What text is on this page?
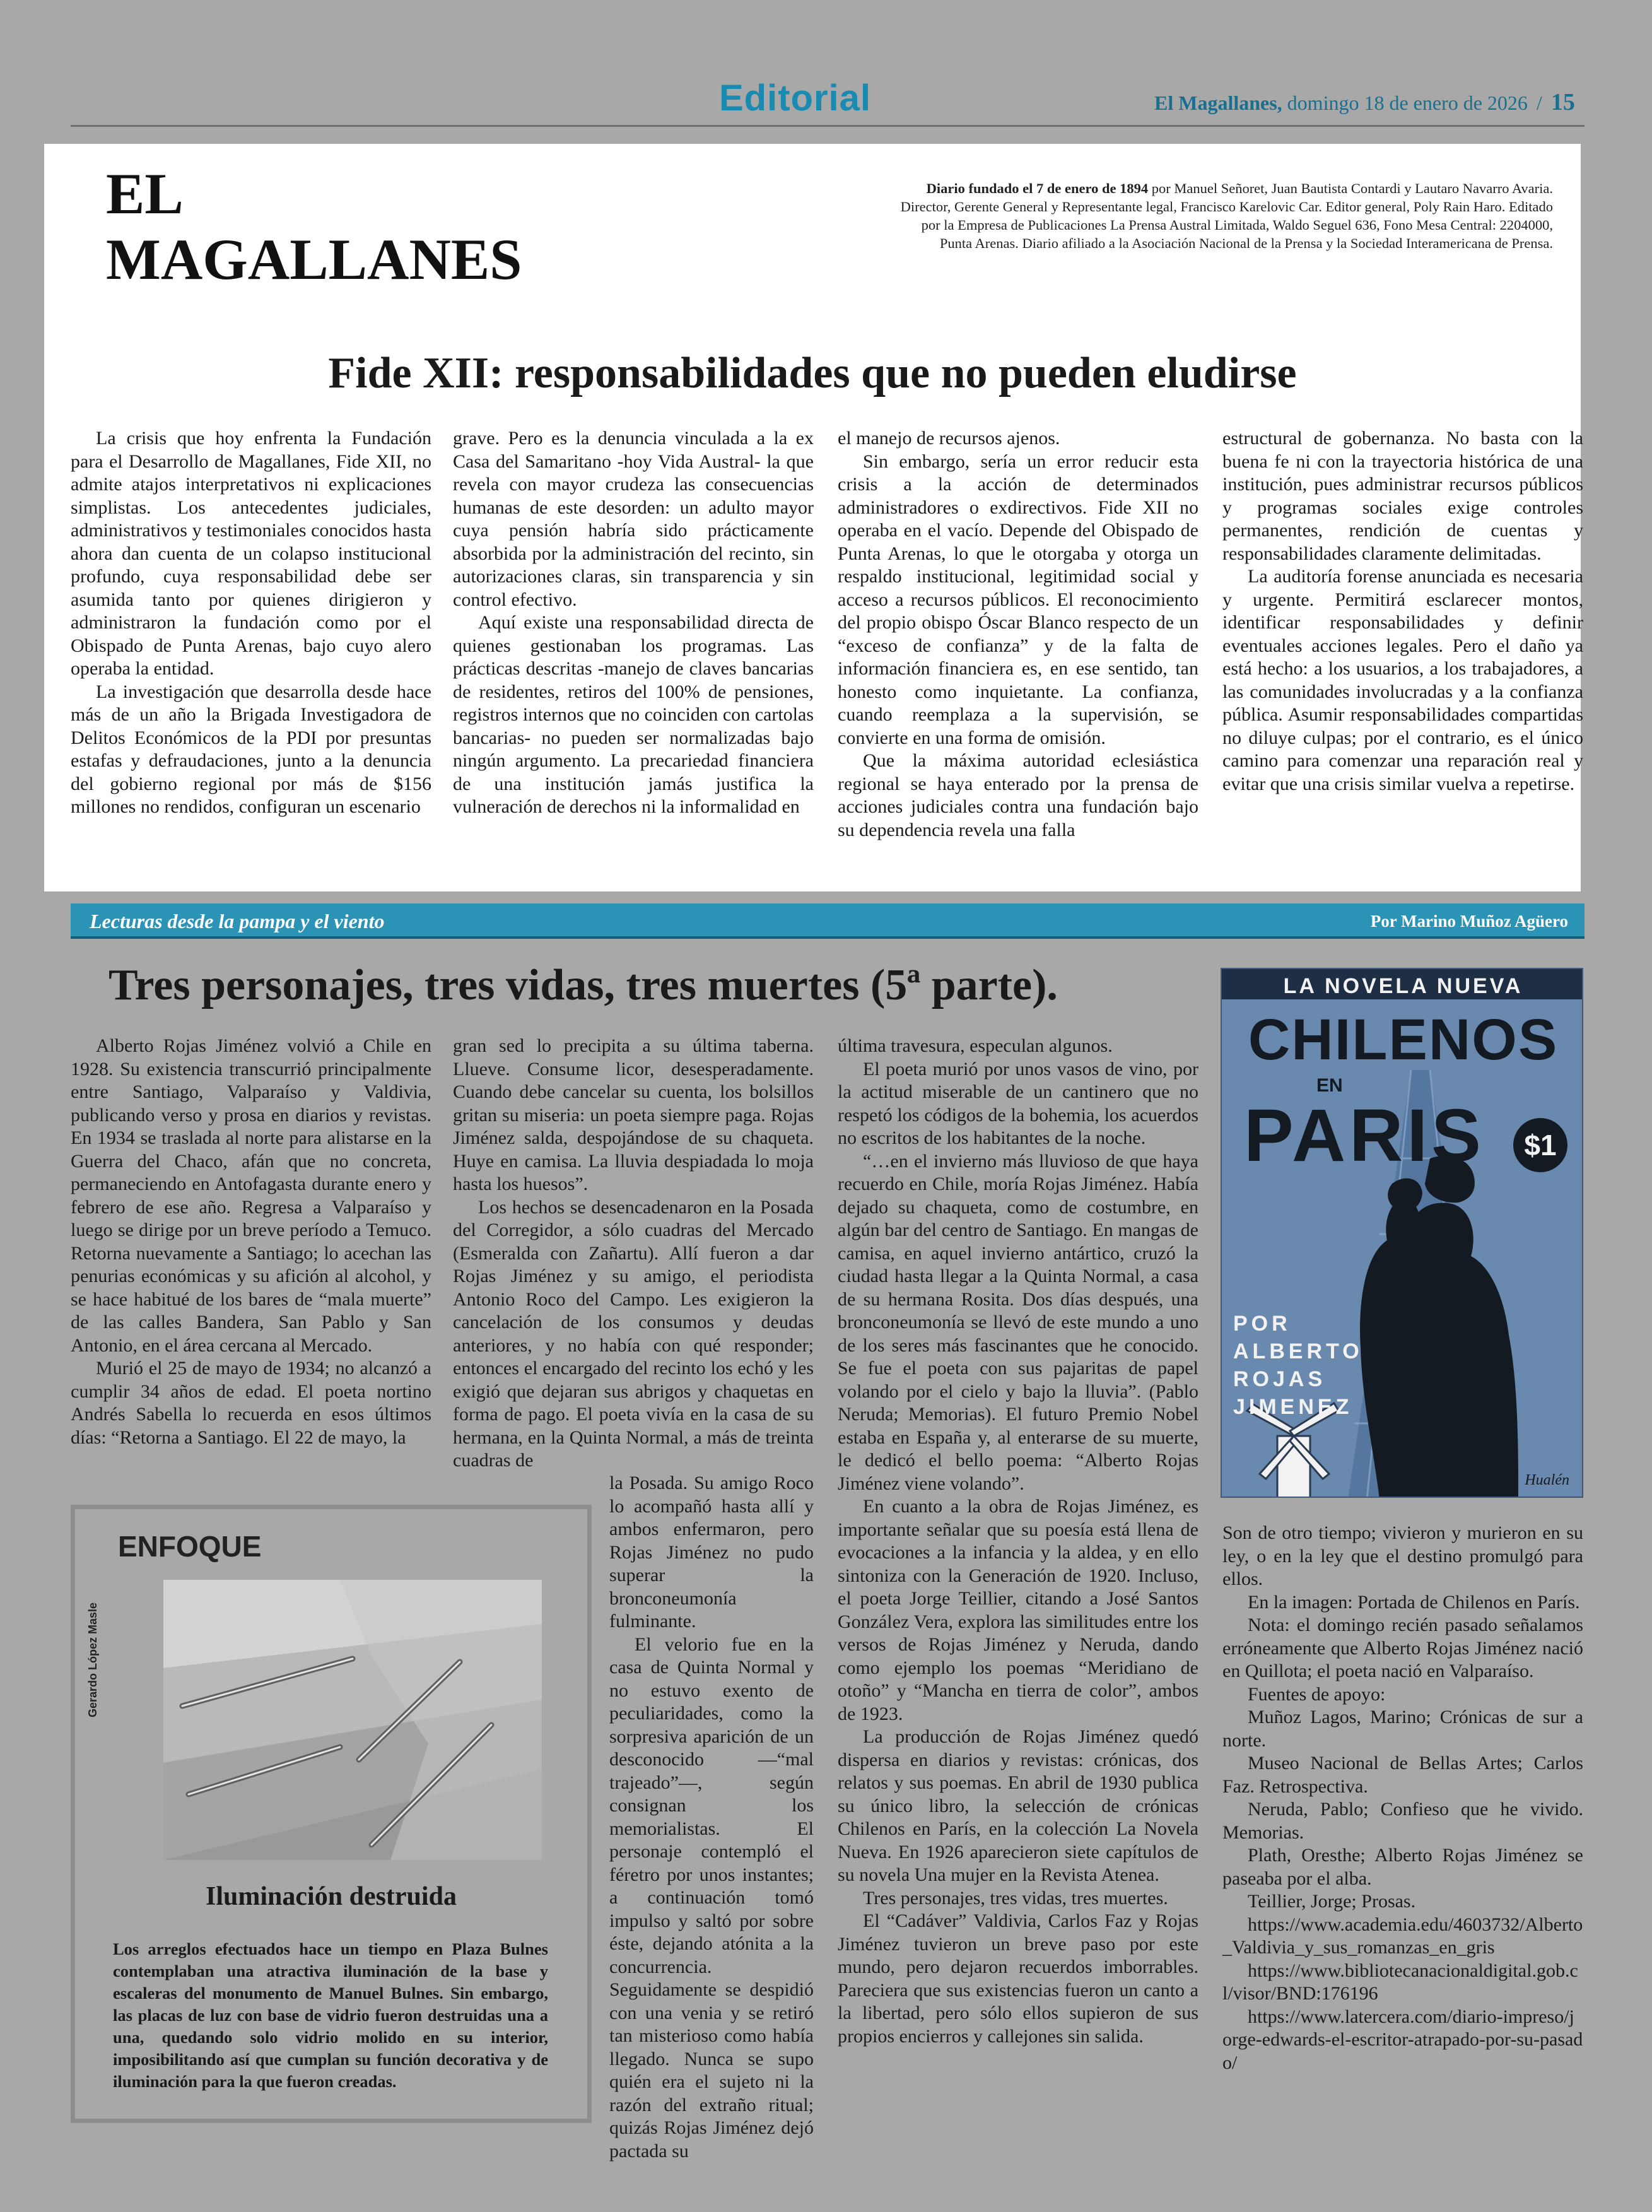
Editorial	El Magallanes, domingo 18 de enero de 2026 / 15
EL
MAGALLANES
Diario fundado el 7 de enero de 1894 por Manuel Señoret, Juan Bautista Contardi y Lautaro Navarro Avaria. Director, Gerente General y Representante legal, Francisco Karelovic Car. Editor general, Poly Rain Haro. Editado por la Empresa de Publicaciones La Prensa Austral Limitada, Waldo Seguel 636, Fono Mesa Central: 2204000, Punta Arenas. Diario afiliado a la Asociación Nacional de la Prensa y la Sociedad Interamericana de Prensa.
Fide XII: responsabilidades que no pueden eludirse

La crisis que hoy enfrenta la Fundación para el Desarrollo de Magallanes, Fide XII, no admite atajos interpretativos ni explicaciones simplistas. Los antecedentes judiciales, administrativos y testimoniales conocidos hasta ahora dan cuenta de un colapso institucional profundo, cuya responsabilidad debe ser asumida tanto por quienes dirigieron y administraron la fundación como por el Obispado de Punta Arenas, bajo cuyo alero operaba la entidad.

La investigación que desarrolla desde hace más de un año la Brigada Investigadora de Delitos Económicos de la PDI por presuntas estafas y defraudaciones, junto a la denuncia del gobierno regional por más de $156 millones no rendidos, configuran un escenario

grave. Pero es la denuncia vinculada a la ex Casa del Samaritano -hoy Vida Austral- la que revela con mayor crudeza las consecuencias humanas de este desorden: un adulto mayor cuya pensión habría sido prácticamente absorbida por la administración del recinto, sin autorizaciones claras, sin transparencia y sin control efectivo.

Aquí existe una responsabilidad directa de quienes gestionaban los programas. Las prácticas descritas -manejo de claves bancarias de residentes, retiros del 100% de pensiones, registros internos que no coinciden con cartolas bancarias- no pueden ser normalizadas bajo ningún argumento. La precariedad financiera de una institución jamás justifica la vulneración de derechos ni la informalidad en

el manejo de recursos ajenos.

Sin embargo, sería un error reducir esta crisis a la acción de determinados administradores o exdirectivos. Fide XII no operaba en el vacío. Depende del Obispado de Punta Arenas, lo que le otorgaba y otorga un respaldo institucional, legitimidad social y acceso a recursos públicos. El reconocimiento del propio obispo Óscar Blanco respecto de un “exceso de confianza” y de la falta de información financiera es, en ese sentido, tan honesto como inquietante. La confianza, cuando reemplaza a la supervisión, se convierte en una forma de omisión.

Que la máxima autoridad eclesiástica regional se haya enterado por la prensa de acciones judiciales contra una fundación bajo su dependencia revela una falla

estructural de gobernanza. No basta con la buena fe ni con la trayectoria histórica de una institución, pues administrar recursos públicos y programas sociales exige controles permanentes, rendición de cuentas y responsabilidades claramente delimitadas.

La auditoría forense anunciada es necesaria y urgente. Permitirá esclarecer montos, identificar responsabilidades y definir eventuales acciones legales. Pero el daño ya está hecho: a los usuarios, a los trabajadores, a las comunidades involucradas y a la confianza pública. Asumir responsabilidades compartidas no diluye culpas; por el contrario, es el único camino para comenzar una reparación real y evitar que una crisis similar vuelva a repetirse.

Lecturas desde la pampa y el viento	Por Marino Muñoz Agüero
Tres personajes, tres vidas, tres muertes (5ª parte).

Alberto Rojas Jiménez volvió a Chile en 1928. Su existencia transcurrió principalmente entre Santiago, Valparaíso y Valdivia, publicando verso y prosa en diarios y revistas. En 1934 se traslada al norte para alistarse en la Guerra del Chaco, afán que no concreta, permaneciendo en Antofagasta durante enero y febrero de ese año. Regresa a Valparaíso y luego se dirige por un breve período a Temuco. Retorna nuevamente a Santiago; lo acechan las penurias económicas y su afición al alcohol, y se hace habitué de los bares de “mala muerte” de las calles Bandera, San Pablo y San Antonio, en el área cercana al Mercado.

Murió el 25 de mayo de 1934; no alcanzó a cumplir 34 años de edad. El poeta nortino Andrés Sabella lo recuerda en esos últimos días: “Retorna a Santiago. El 22 de mayo, la

gran sed lo precipita a su última taberna. Llueve. Consume licor, desesperadamente. Cuando debe cancelar su cuenta, los bolsillos gritan su miseria: un poeta siempre paga. Rojas Jiménez salda, despojándose de su chaqueta. Huye en camisa. La lluvia despiadada lo moja hasta los huesos”.

Los hechos se desencadenaron en la Posada del Corregidor, a sólo cuadras del Mercado (Esmeralda con Zañartu). Allí fueron a dar Rojas Jiménez y su amigo, el periodista Antonio Roco del Campo. Les exigieron la cancelación de los consumos y deudas anteriores, y no había con qué responder; entonces el encargado del recinto los echó y les exigió que dejaran sus abrigos y chaquetas en forma de pago. El poeta vivía en la casa de su hermana, en la Quinta Normal, a más de treinta cuadras de

la Posada. Su amigo Roco lo acompañó hasta allí y ambos enfermaron, pero Rojas Jiménez no pudo superar la bronconeumonía fulminante.

El velorio fue en la casa de Quinta Normal y no estuvo exento de peculiaridades, como la sorpresiva aparición de un desconocido —“mal trajeado”—, según consignan los memorialistas. El personaje contempló el féretro por unos instantes; a continuación tomó impulso y saltó por sobre éste, dejando atónita a la concurrencia. Seguidamente se despidió con una venia y se retiró tan misterioso como había llegado. Nunca se supo quién era el sujeto ni la razón del extraño ritual; quizás Rojas Jiménez dejó pactada su

última travesura, especulan algunos.

El poeta murió por unos vasos de vino, por la actitud miserable de un cantinero que no respetó los códigos de la bohemia, los acuerdos no escritos de los habitantes de la noche.

“…en el invierno más lluvioso de que haya recuerdo en Chile, moría Rojas Jiménez. Había dejado su chaqueta, como de costumbre, en algún bar del centro de Santiago. En mangas de camisa, en aquel invierno antártico, cruzó la ciudad hasta llegar a la Quinta Normal, a casa de su hermana Rosita. Dos días después, una bronconeumonía se llevó de este mundo a uno de los seres más fascinantes que he conocido. Se fue el poeta con sus pajaritas de papel volando por el cielo y bajo la lluvia”. (Pablo Neruda; Memorias). El futuro Premio Nobel estaba en España y, al enterarse de su muerte, le dedicó el bello poema: “Alberto Rojas Jiménez viene volando”.

En cuanto a la obra de Rojas Jiménez, es importante señalar que su poesía está llena de evocaciones a la infancia y la aldea, y en ello sintoniza con la Generación de 1920. Incluso, el poeta Jorge Teillier, citando a José Santos González Vera, explora las similitudes entre los versos de Rojas Jiménez y Neruda, dando como ejemplo los poemas “Meridiano de otoño” y “Mancha en tierra de color”, ambos de 1923.

La producción de Rojas Jiménez quedó dispersa en diarios y revistas: crónicas, dos relatos y sus poemas. En abril de 1930 publica su único libro, la selección de crónicas Chilenos en París, en la colección La Novela Nueva. En 1926 aparecieron siete capítulos de su novela Una mujer en la Revista Atenea.

Tres personajes, tres vidas, tres muertes.

El “Cadáver” Valdivia, Carlos Faz y Rojas Jiménez tuvieron un breve paso por este mundo, pero dejaron recuerdos imborrables. Pareciera que sus existencias fueron un canto a la libertad, pero sólo ellos supieron de sus propios encierros y callejones sin salida.

Son de otro tiempo; vivieron y murieron en su ley, o en la ley que el destino promulgó para ellos.

En la imagen: Portada de Chilenos en París.

Nota: el domingo recién pasado señalamos erróneamente que Alberto Rojas Jiménez nació en Quillota; el poeta nació en Valparaíso.

Fuentes de apoyo:

Muñoz Lagos, Marino; Crónicas de sur a norte.

Museo Nacional de Bellas Artes; Carlos Faz. Retrospectiva.

Neruda, Pablo; Confieso que he vivido. Memorias.

Plath, Oresthe; Alberto Rojas Jiménez se paseaba por el alba.

Teillier, Jorge; Prosas.

https://www.academia.edu/4603732/Alberto_Valdivia_y_sus_romanzas_en_gris

https://www.bibliotecanacionaldigital.gob.cl/visor/BND:176196

https://www.latercera.com/diario-impreso/jorge-edwards-el-escritor-atrapado-por-su-pasado/

LA NOVELA NUEVA
CHILENOS
EN
PARIS	$1
POR
ALBERTO
ROJAS
JIMENEZ
Hualén
ENFOQUE
Gerardo López Masle
Iluminación destruida
Los arreglos efectuados hace un tiempo en Plaza Bulnes contemplaban una atractiva iluminación de la base y escaleras del monumento de Manuel Bulnes. Sin embargo, las placas de luz con base de vidrio fueron destruidas una a una, quedando solo vidrio molido en su interior, imposibilitando así que cumplan su función decorativa y de iluminación para la que fueron creadas.
